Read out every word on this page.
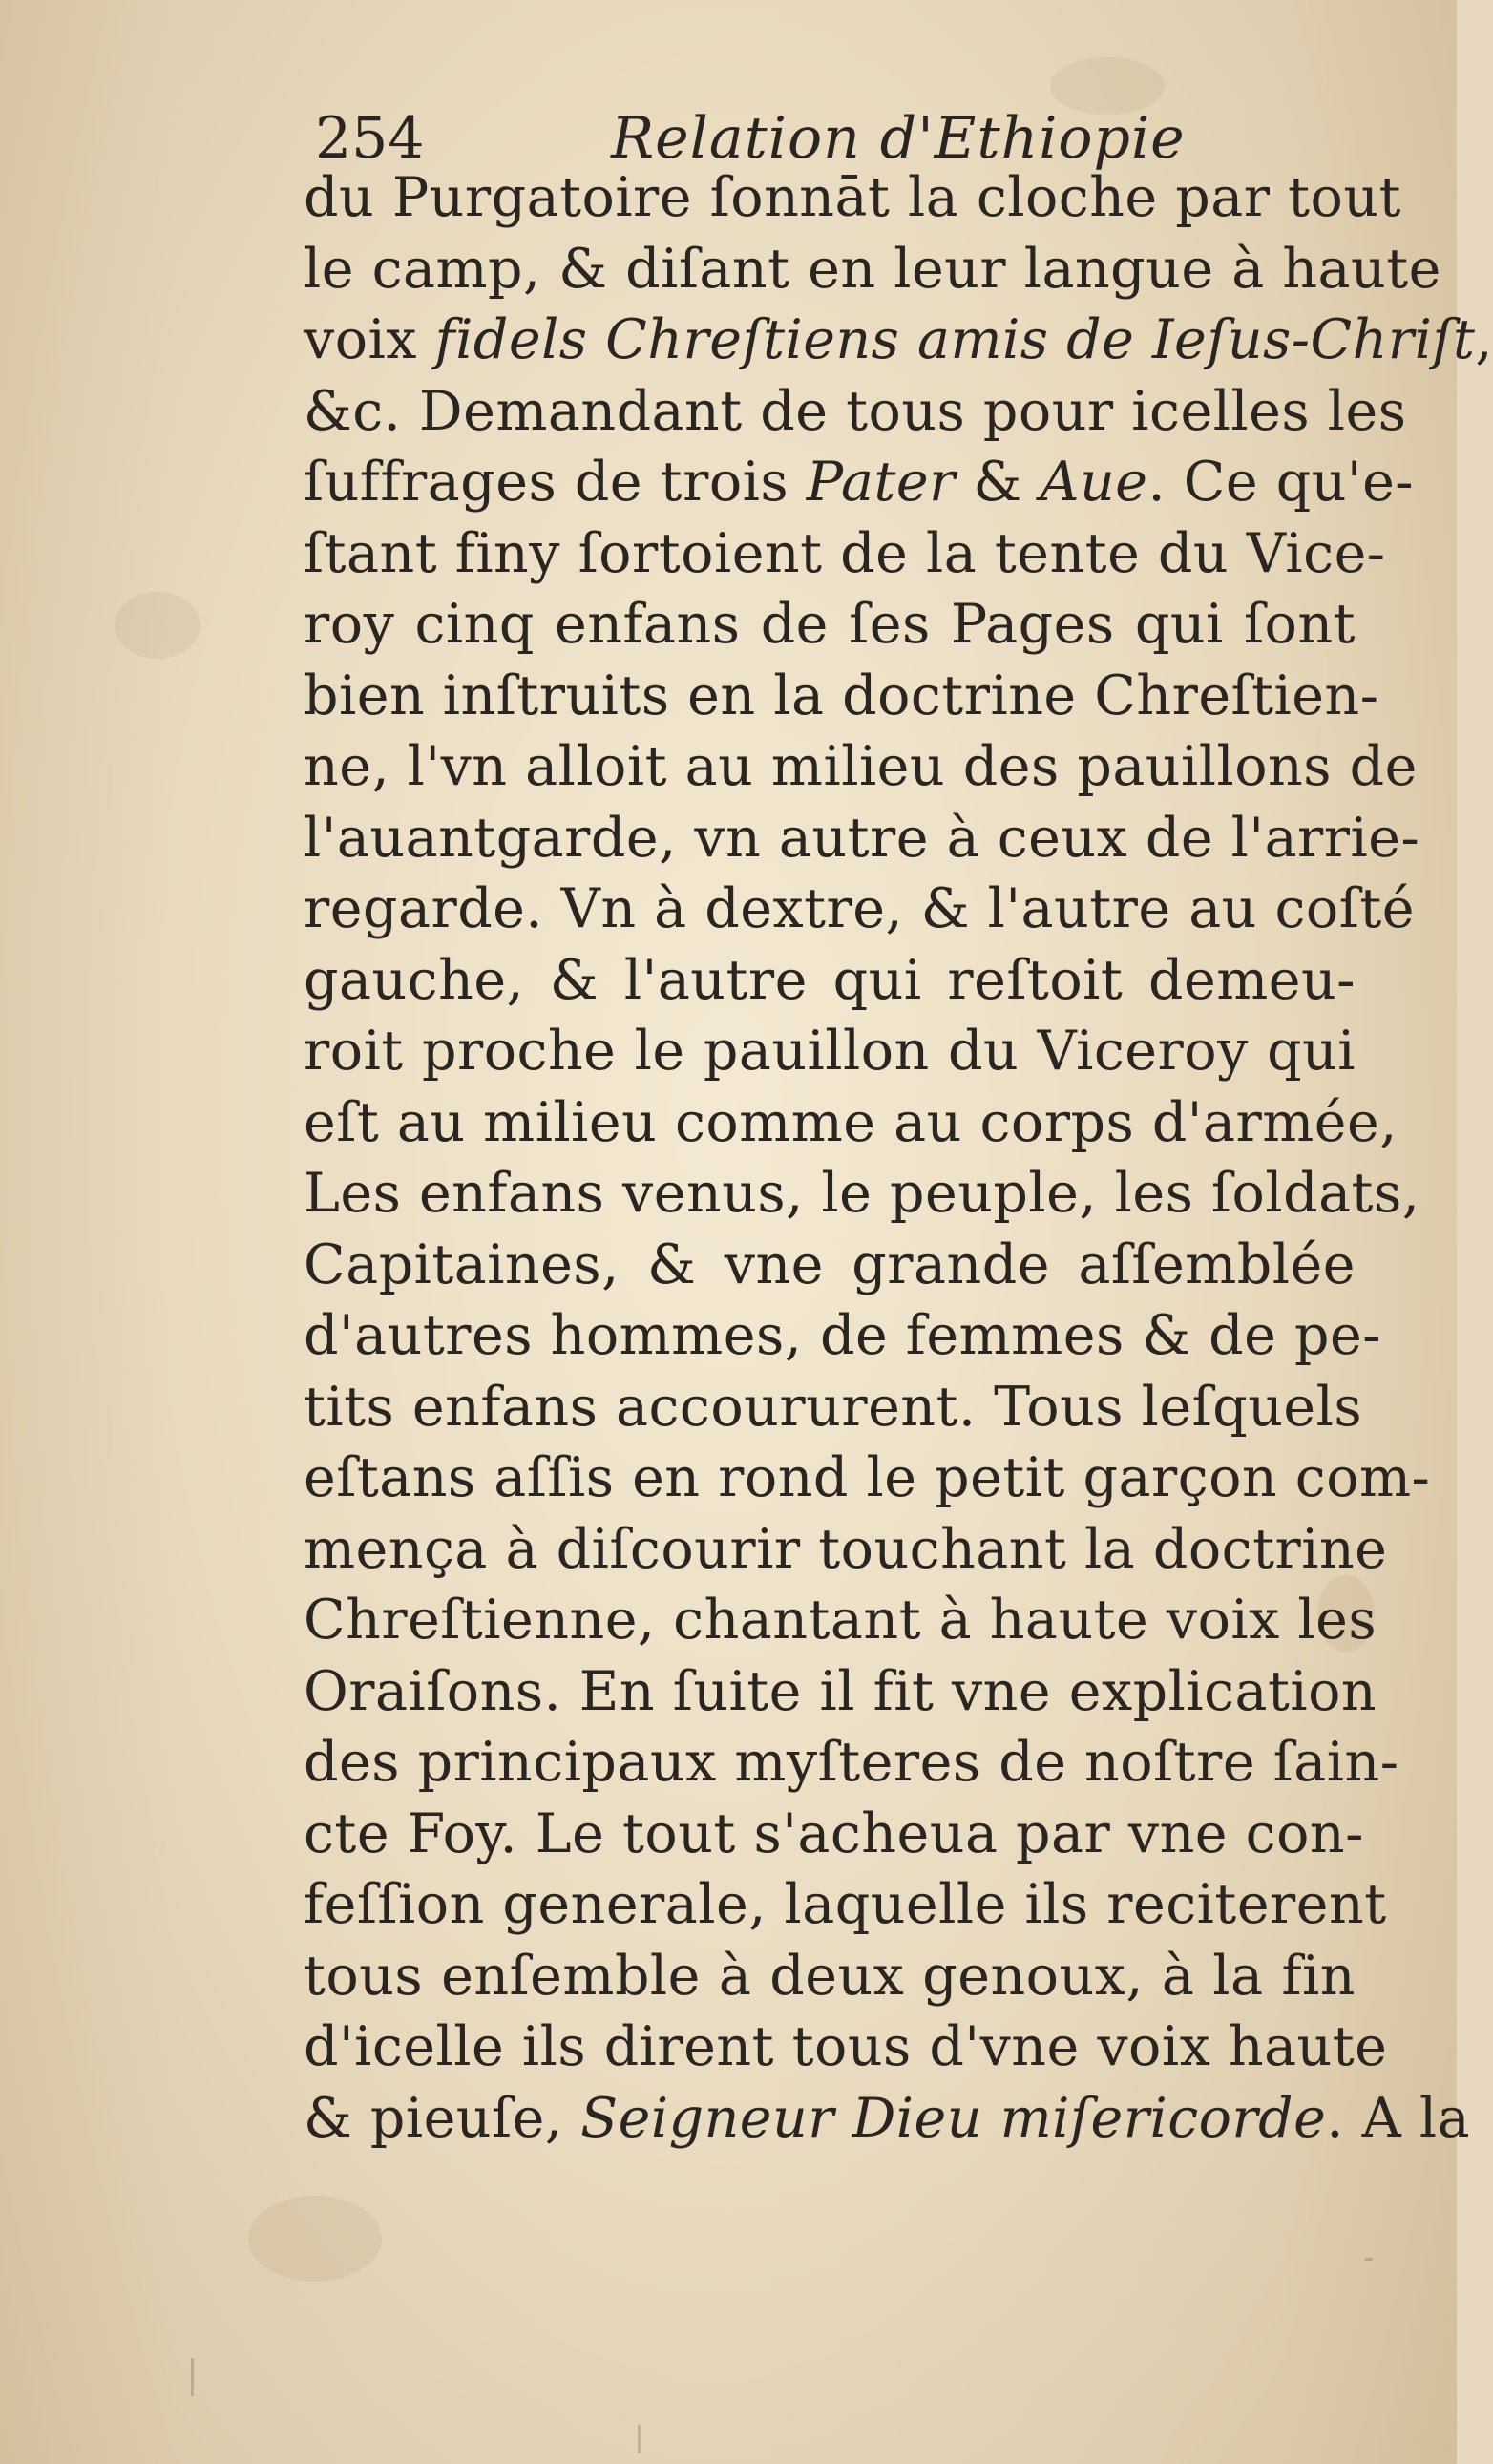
254	Relation d'Ethiopie
du Purgatoire ſonnāt la cloche par tout
le camp, & diſant en leur langue à haute
voix fidels Chreſtiens amis de Ieſus-Chriſt,
&c. Demandant de tous pour icelles les
ſuffrages de trois Pater & Aue. Ce qu'e-
ſtant finy ſortoient de la tente du Vice-
roy cinq enfans de ſes Pages qui ſont
bien inſtruits en la doctrine Chreſtien-
ne, l'vn alloit au milieu des pauillons de
l'auantgarde, vn autre à ceux de l'arrie-
regarde. Vn à dextre, & l'autre au coſté
gauche, & l'autre qui reſtoit demeu-
roit proche le pauillon du Viceroy qui
eſt au milieu comme au corps d'armée,
Les enfans venus, le peuple, les ſoldats,
Capitaines, & vne grande aſſemblée
d'autres hommes, de femmes & de pe-
tits enfans accoururent. Tous leſquels
eſtans aſſis en rond le petit garçon com-
mença à diſcourir touchant la doctrine
Chreſtienne, chantant à haute voix les
Oraiſons. En ſuite il fit vne explication
des principaux myſteres de noſtre ſain-
cte Foy. Le tout s'acheua par vne con-
feſſion generale, laquelle ils reciterent
tous enſemble à deux genoux, à la fin
d'icelle ils dirent tous d'vne voix haute
& pieuſe, Seigneur Dieu miſericorde. A la
